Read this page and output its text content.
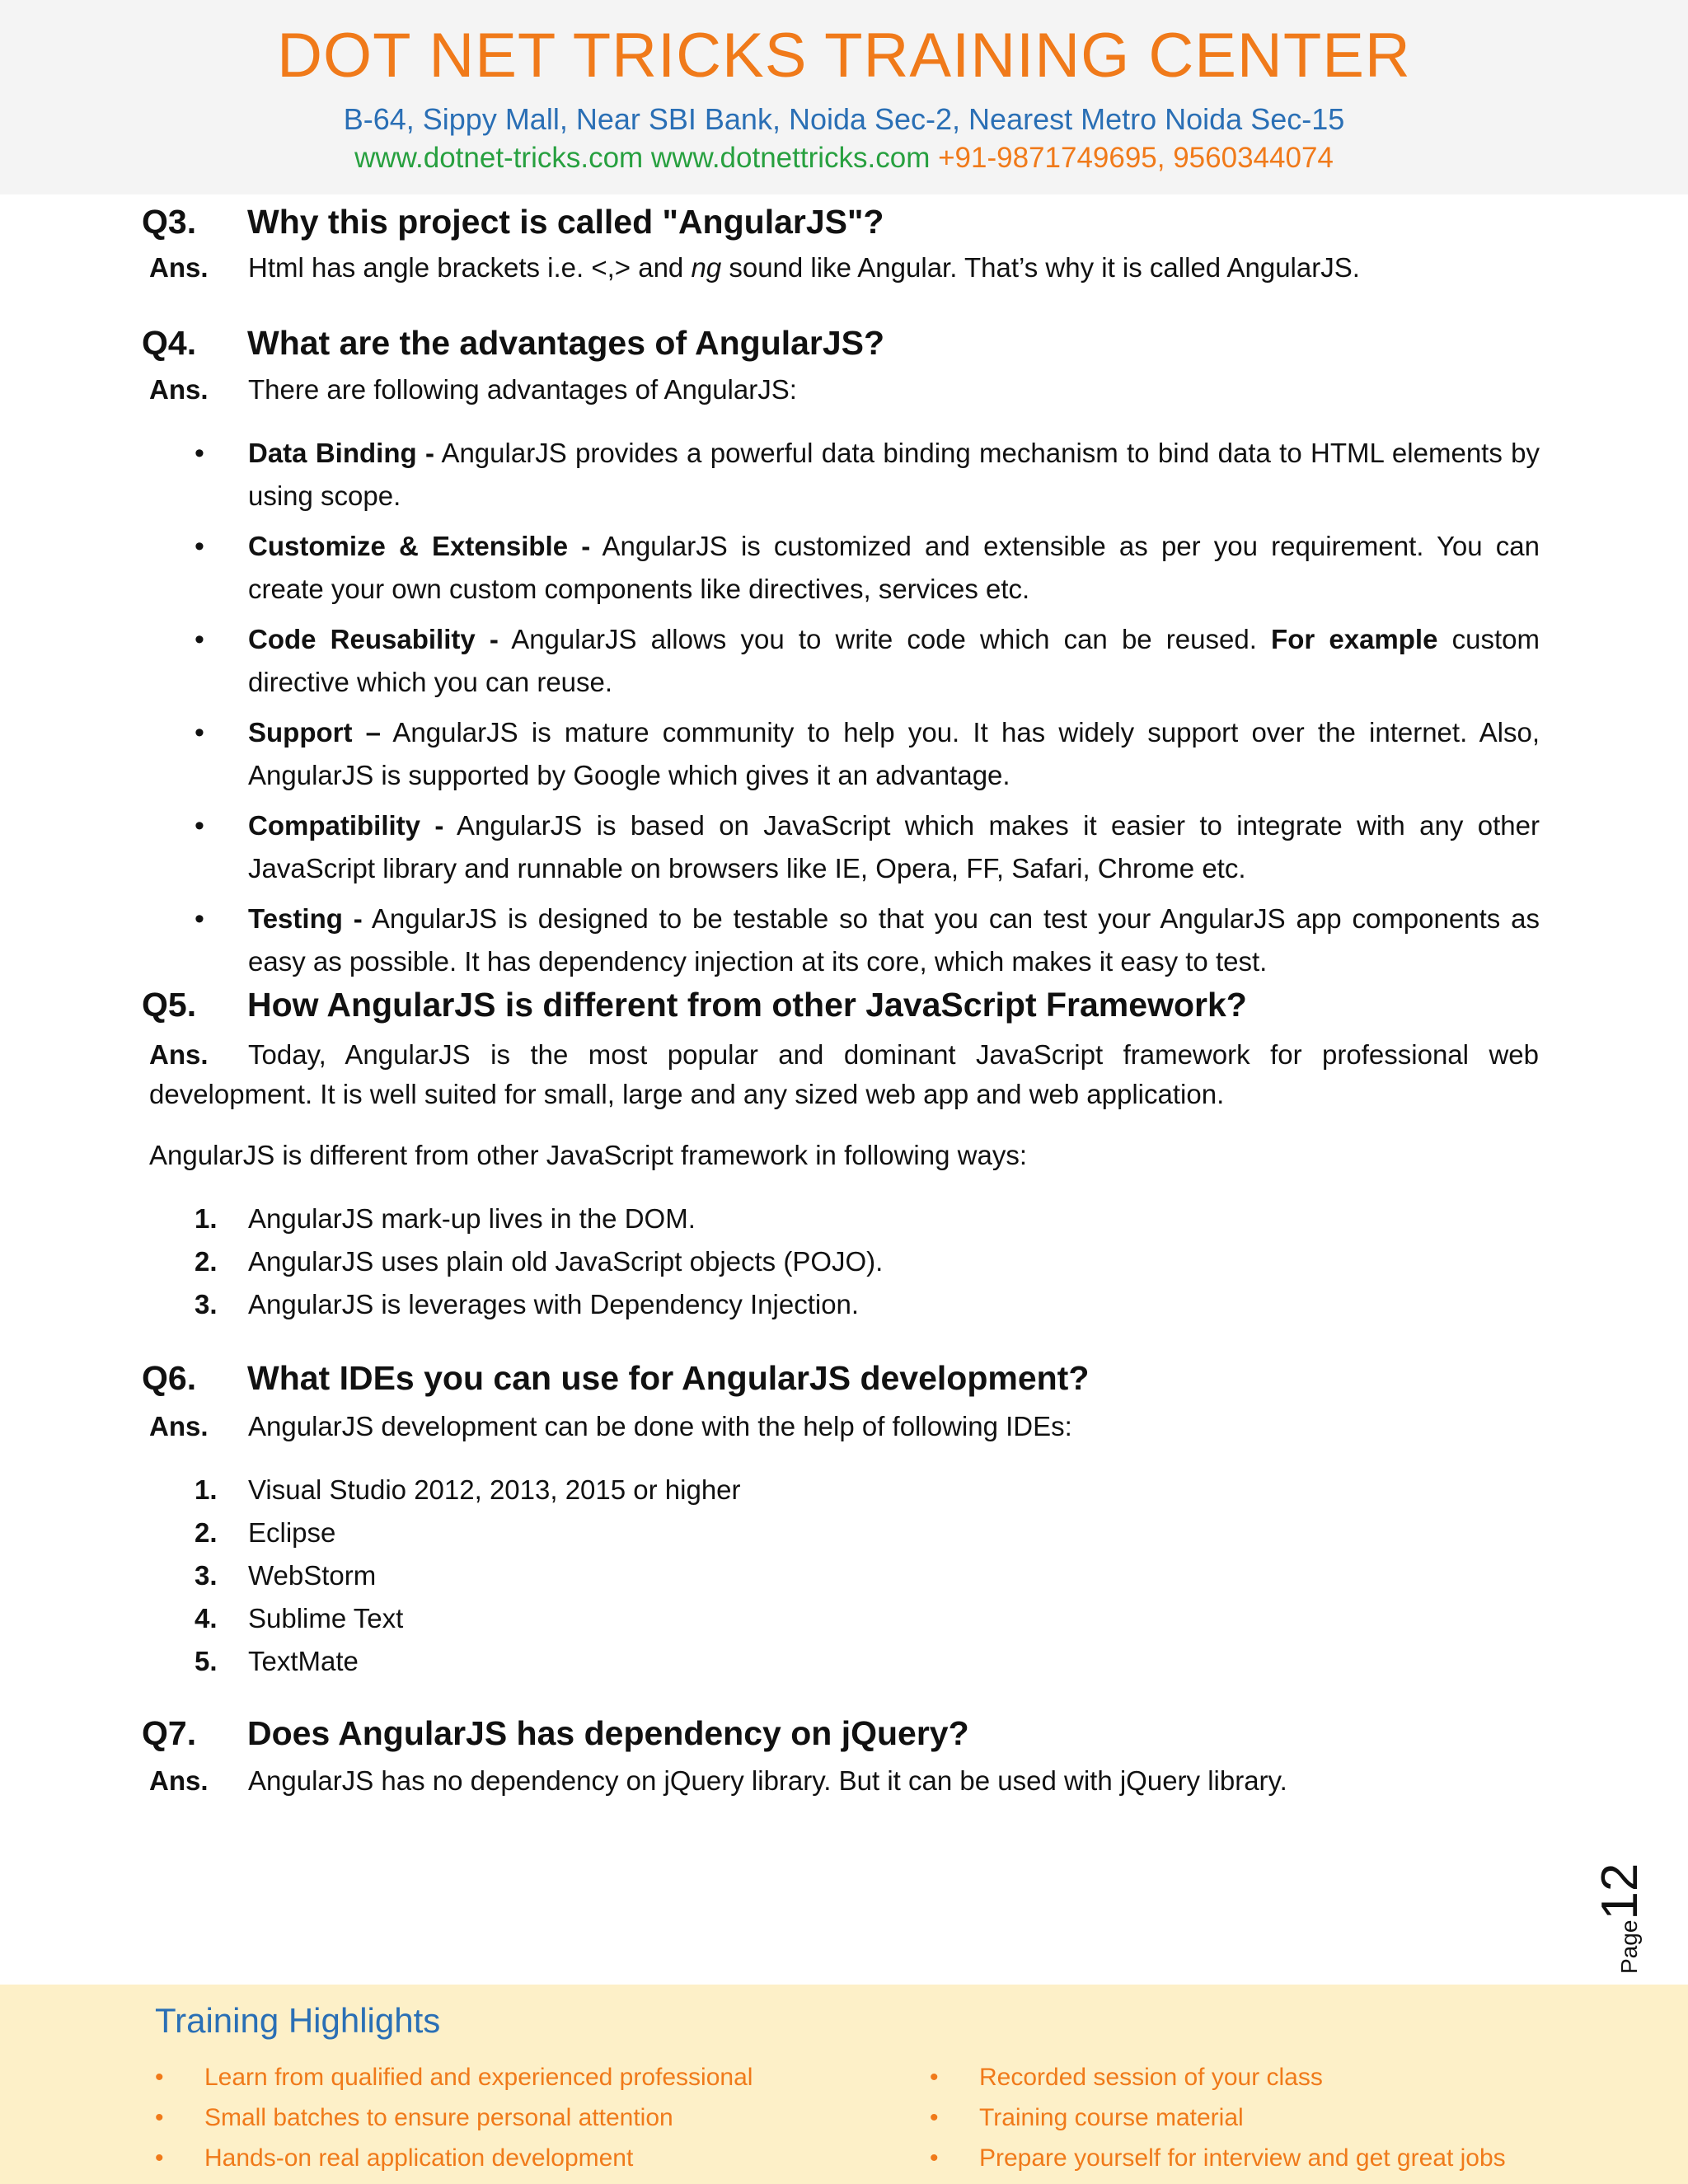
DOT NET TRICKS TRAINING CENTER
B-64, Sippy Mall, Near SBI Bank, Noida Sec-2, Nearest Metro Noida Sec-15
www.dotnet-tricks.com www.dotnettricks.com +91-9871749695, 9560344074
Q3. Why this project is called "AngularJS"?
Ans. Html has angle brackets i.e. <,> and ng sound like Angular. That’s why it is called AngularJS.
Q4. What are the advantages of AngularJS?
Ans. There are following advantages of AngularJS:
•	Data Binding - AngularJS provides a powerful data binding mechanism to bind data to HTML elements by using scope.
•	Customize & Extensible - AngularJS is customized and extensible as per you requirement. You can create your own custom components like directives, services etc.
•	Code Reusability - AngularJS allows you to write code which can be reused. For example custom directive which you can reuse.
•	Support – AngularJS is mature community to help you. It has widely support over the internet. Also, AngularJS is supported by Google which gives it an advantage.
•	Compatibility - AngularJS is based on JavaScript which makes it easier to integrate with any other JavaScript library and runnable on browsers like IE, Opera, FF, Safari, Chrome etc.
•	Testing - AngularJS is designed to be testable so that you can test your AngularJS app components as easy as possible. It has dependency injection at its core, which makes it easy to test.
Q5. How AngularJS is different from other JavaScript Framework?
Ans. Today, AngularJS is the most popular and dominant JavaScript framework for professional web development. It is well suited for small, large and any sized web app and web application.
AngularJS is different from other JavaScript framework in following ways:
1. AngularJS mark-up lives in the DOM.
2. AngularJS uses plain old JavaScript objects (POJO).
3. AngularJS is leverages with Dependency Injection.
Q6. What IDEs you can use for AngularJS development?
Ans. AngularJS development can be done with the help of following IDEs:
1. Visual Studio 2012, 2013, 2015 or higher
2. Eclipse
3. WebStorm
4. Sublime Text
5. TextMate
Q7. Does AngularJS has dependency on jQuery?
Ans. AngularJS has no dependency on jQuery library. But it can be used with jQuery library.
Page12
Training Highlights
• Learn from qualified and experienced professional
• Small batches to ensure personal attention
• Hands-on real application development
• Recorded session of your class
• Training course material
• Prepare yourself for interview and get great jobs
